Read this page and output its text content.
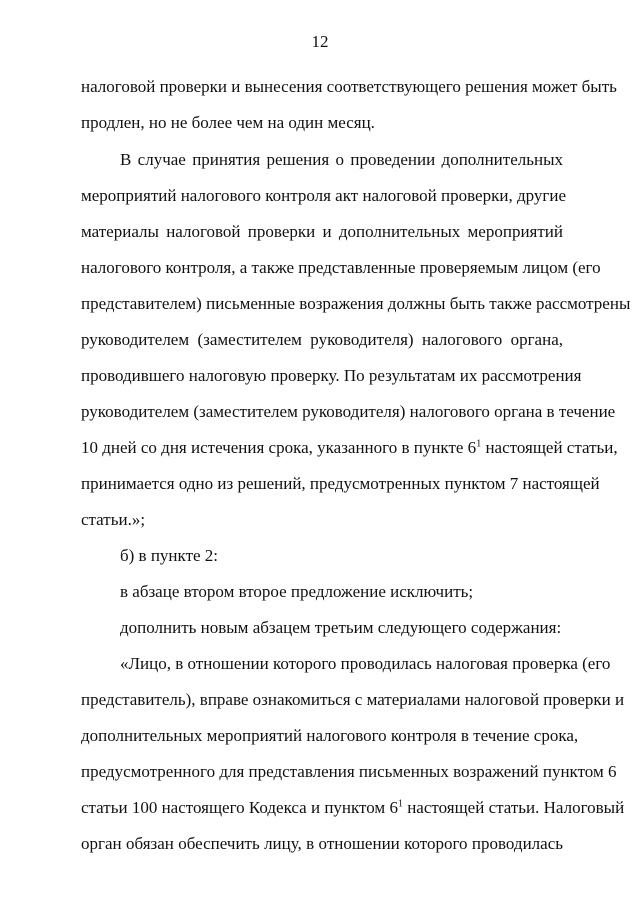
12
налоговой проверки и вынесения соответствующего решения может быть
продлен, но не более чем на один месяц.
В случае принятия решения о проведении дополнительных
мероприятий налогового контроля акт налоговой проверки, другие
материалы налоговой проверки и дополнительных мероприятий
налогового контроля, а также представленные проверяемым лицом (его
представителем) письменные возражения должны быть также рассмотрены
руководителем (заместителем руководителя) налогового органа,
проводившего налоговую проверку. По результатам их рассмотрения
руководителем (заместителем руководителя) налогового органа в течение
10 дней со дня истечения срока, указанного в пункте $6^1$ настоящей статьи,
принимается одно из решений, предусмотренных пунктом 7 настоящей
статьи.»;
б) в пункте 2:
в абзаце втором второе предложение исключить;
дополнить новым абзацем третьим следующего содержания:
«Лицо, в отношении которого проводилась налоговая проверка (его
представитель), вправе ознакомиться с материалами налоговой проверки и
дополнительных мероприятий налогового контроля в течение срока,
предусмотренного для представления письменных возражений пунктом 6
статьи 100 настоящего Кодекса и пунктом $6^1$ настоящей статьи. Налоговый
орган обязан обеспечить лицу, в отношении которого проводилась
